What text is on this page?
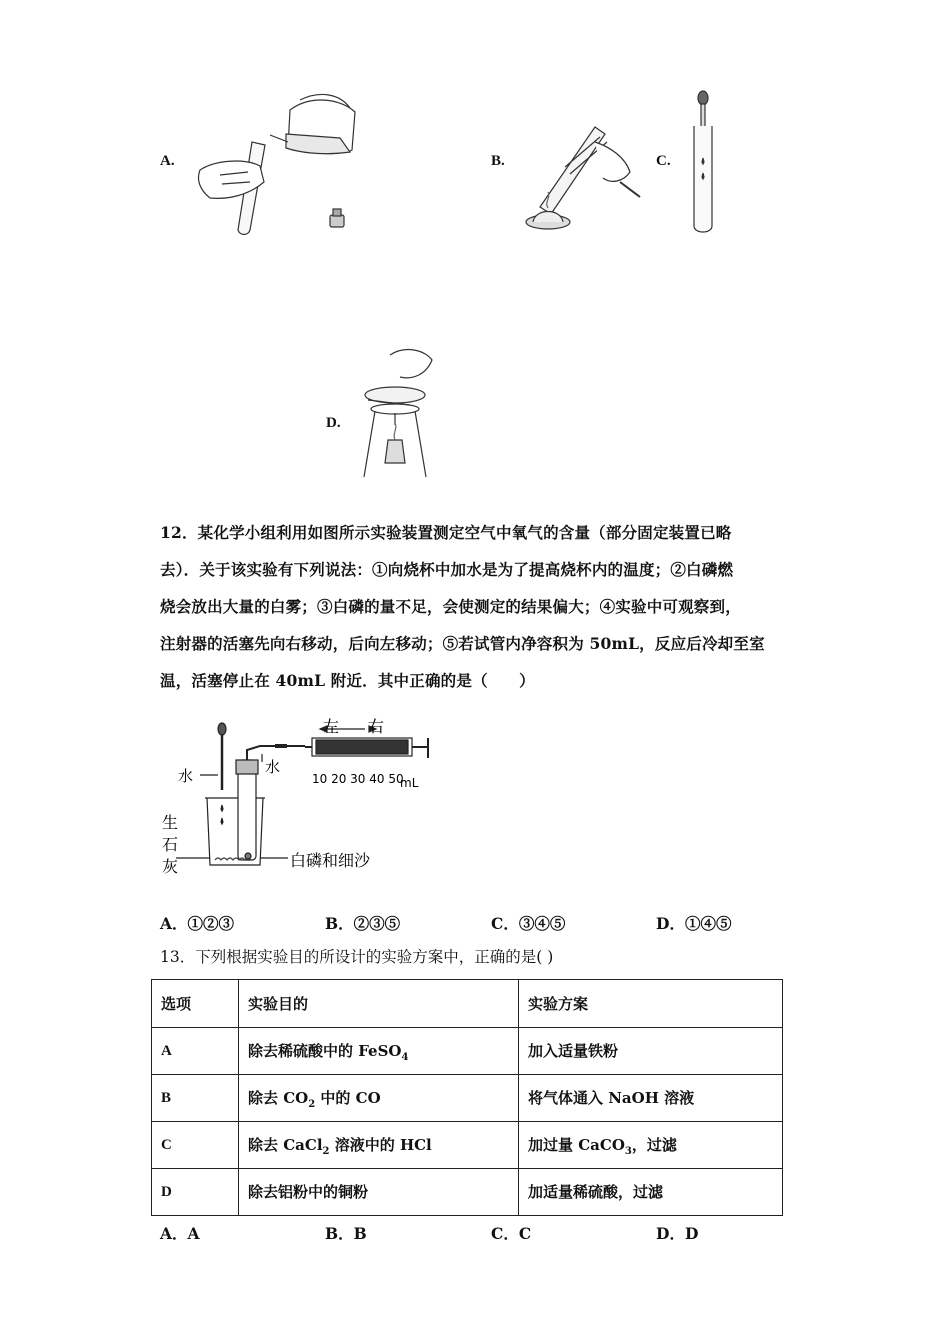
A.	B.	C.
D.
12．某化学小组利用如图所示实验装置测定空气中氧气的含量（部分固定装置已略
去）．关于该实验有下列说法：①向烧杯中加水是为了提高烧杯内的温度；②白磷燃
烧会放出大量的白雾；③白磷的量不足，会使测定的结果偏大；④实验中可观察到，
注射器的活塞先向右移动，后向左移动；⑤若试管内净容积为 50mL，反应后冷却至室
温，活塞停止在 40mL 附近．其中正确的是（　　）
左 右
水	水
10 20 30 40 50
mL
生
石
灰	白磷和细沙
A．①②③	B．②③⑤	C．③④⑤	D．①④⑤
13．下列根据实验目的所设计的实验方案中，正确的是( )
选项	实验目的	实验方案
A	除去稀硫酸中的 FeSO$_4$	加入适量铁粉
B	除去 $CO_2$ 中的 CO	将气体通入 NaOH 溶液
C	除去 CaCl$_2$ 溶液中的 HCl	加过量 CaCO$_3$，过滤
D	除去铝粉中的铜粉	加适量稀硫酸，过滤
A．A	B．B	C．C	D．D
